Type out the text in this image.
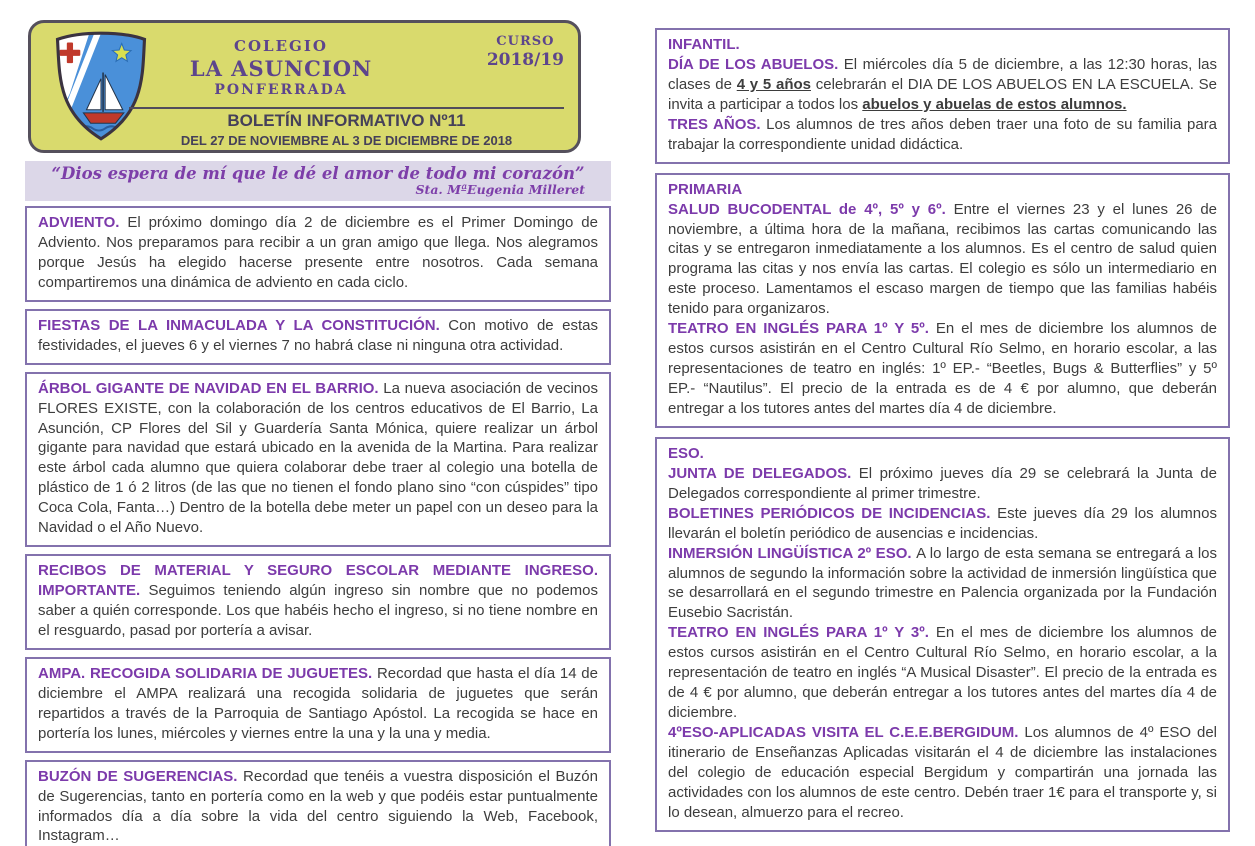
COLEGIO
LA ASUNCION
PONFERRADA
CURSO
2018/19
BOLETÍN INFORMATIVO Nº11
DEL 27 DE NOVIEMBRE AL 3 DE DICIEMBRE DE 2018
“Dios espera de mí que le dé el amor de todo mi corazón”
Sta. MªEugenia Milleret

ADVIENTO. El próximo domingo día 2 de diciembre es el Primer Domingo de Adviento. Nos preparamos para recibir a un gran amigo que llega. Nos alegramos porque Jesús ha elegido hacerse presente entre nosotros. Cada semana compartiremos una dinámica de adviento en cada ciclo.

FIESTAS DE LA INMACULADA Y LA CONSTITUCIÓN. Con motivo de estas festividades, el jueves 6 y el viernes 7 no habrá clase ni ninguna otra actividad.

ÁRBOL GIGANTE DE NAVIDAD EN EL BARRIO. La nueva asociación de vecinos FLORES EXISTE, con la colaboración de los centros educativos de El Barrio, La Asunción, CP Flores del Sil y Guardería Santa Mónica, quiere realizar un árbol gigante para navidad que estará ubicado en la avenida de la Martina. Para realizar este árbol cada alumno que quiera colaborar debe traer al colegio una botella de plástico de 1 ó 2 litros (de las que no tienen el fondo plano sino “con cúspides” tipo Coca Cola, Fanta…) Dentro de la botella debe meter un papel con un deseo para la Navidad o el Año Nuevo.

RECIBOS DE MATERIAL Y SEGURO ESCOLAR MEDIANTE INGRESO. IMPORTANTE. Seguimos teniendo algún ingreso sin nombre que no podemos saber a quién corresponde. Los que habéis hecho el ingreso, si no tiene nombre en el resguardo, pasad por portería a avisar.

AMPA. RECOGIDA SOLIDARIA DE JUGUETES. Recordad que hasta el día 14 de diciembre el AMPA realizará una recogida solidaria de juguetes que serán repartidos a través de la Parroquia de Santiago Apóstol. La recogida se hace en portería los lunes, miércoles y viernes entre la una y la una y media.

BUZÓN DE SUGERENCIAS. Recordad que tenéis a vuestra disposición el Buzón de Sugerencias, tanto en portería como en la web y que podéis estar puntualmente informados día a día sobre la vida del centro siguiendo la Web, Facebook, Instagram…

INFANTIL.

DÍA DE LOS ABUELOS. El miércoles día 5 de diciembre, a las 12:30 horas, las clases de 4 y 5 años celebrarán el DIA DE LOS ABUELOS EN LA ESCUELA. Se invita a participar a todos los abuelos y abuelas de estos alumnos.

TRES AÑOS. Los alumnos de tres años deben traer una foto de su familia para trabajar la correspondiente unidad didáctica.

PRIMARIA

SALUD BUCODENTAL de 4º, 5º y 6º. Entre el viernes 23 y el lunes 26 de noviembre, a última hora de la mañana, recibimos las cartas comunicando las citas y se entregaron inmediatamente a los alumnos. Es el centro de salud quien programa las citas y nos envía las cartas. El colegio es sólo un intermediario en este proceso. Lamentamos el escaso margen de tiempo que las familias habéis tenido para organizaros.

TEATRO EN INGLÉS PARA 1º Y 5º. En el mes de diciembre los alumnos de estos cursos asistirán en el Centro Cultural Río Selmo, en horario escolar, a las representaciones de teatro en inglés: 1º EP.- “Beetles, Bugs & Butterflies” y 5º EP.- “Nautilus”. El precio de la entrada es de 4 € por alumno, que deberán entregar a los tutores antes del martes día 4 de diciembre.

ESO.

JUNTA DE DELEGADOS. El próximo jueves día 29 se celebrará la Junta de Delegados correspondiente al primer trimestre.

BOLETINES PERIÓDICOS DE INCIDENCIAS. Este jueves día 29 los alumnos llevarán el boletín periódico de ausencias e incidencias.

INMERSIÓN LINGÜÍSTICA 2º ESO. A lo largo de esta semana se entregará a los alumnos de segundo la información sobre la actividad de inmersión lingüística que se desarrollará en el segundo trimestre en Palencia organizada por la Fundación Eusebio Sacristán.

TEATRO EN INGLÉS PARA 1º Y 3º. En el mes de diciembre los alumnos de estos cursos asistirán en el Centro Cultural Río Selmo, en horario escolar, a la representación de teatro en inglés “A Musical Disaster”. El precio de la entrada es de 4 € por alumno, que deberán entregar a los tutores antes del martes día 4 de diciembre.

4ºESO-APLICADAS VISITA EL C.E.E.BERGIDUM. Los alumnos de 4º ESO del itinerario de Enseñanzas Aplicadas visitarán el 4 de diciembre las instalaciones del colegio de educación especial Bergidum y compartirán una jornada las actividades con los alumnos de este centro. Debén traer 1€ para el transporte y, si lo desean, almuerzo para el recreo.
